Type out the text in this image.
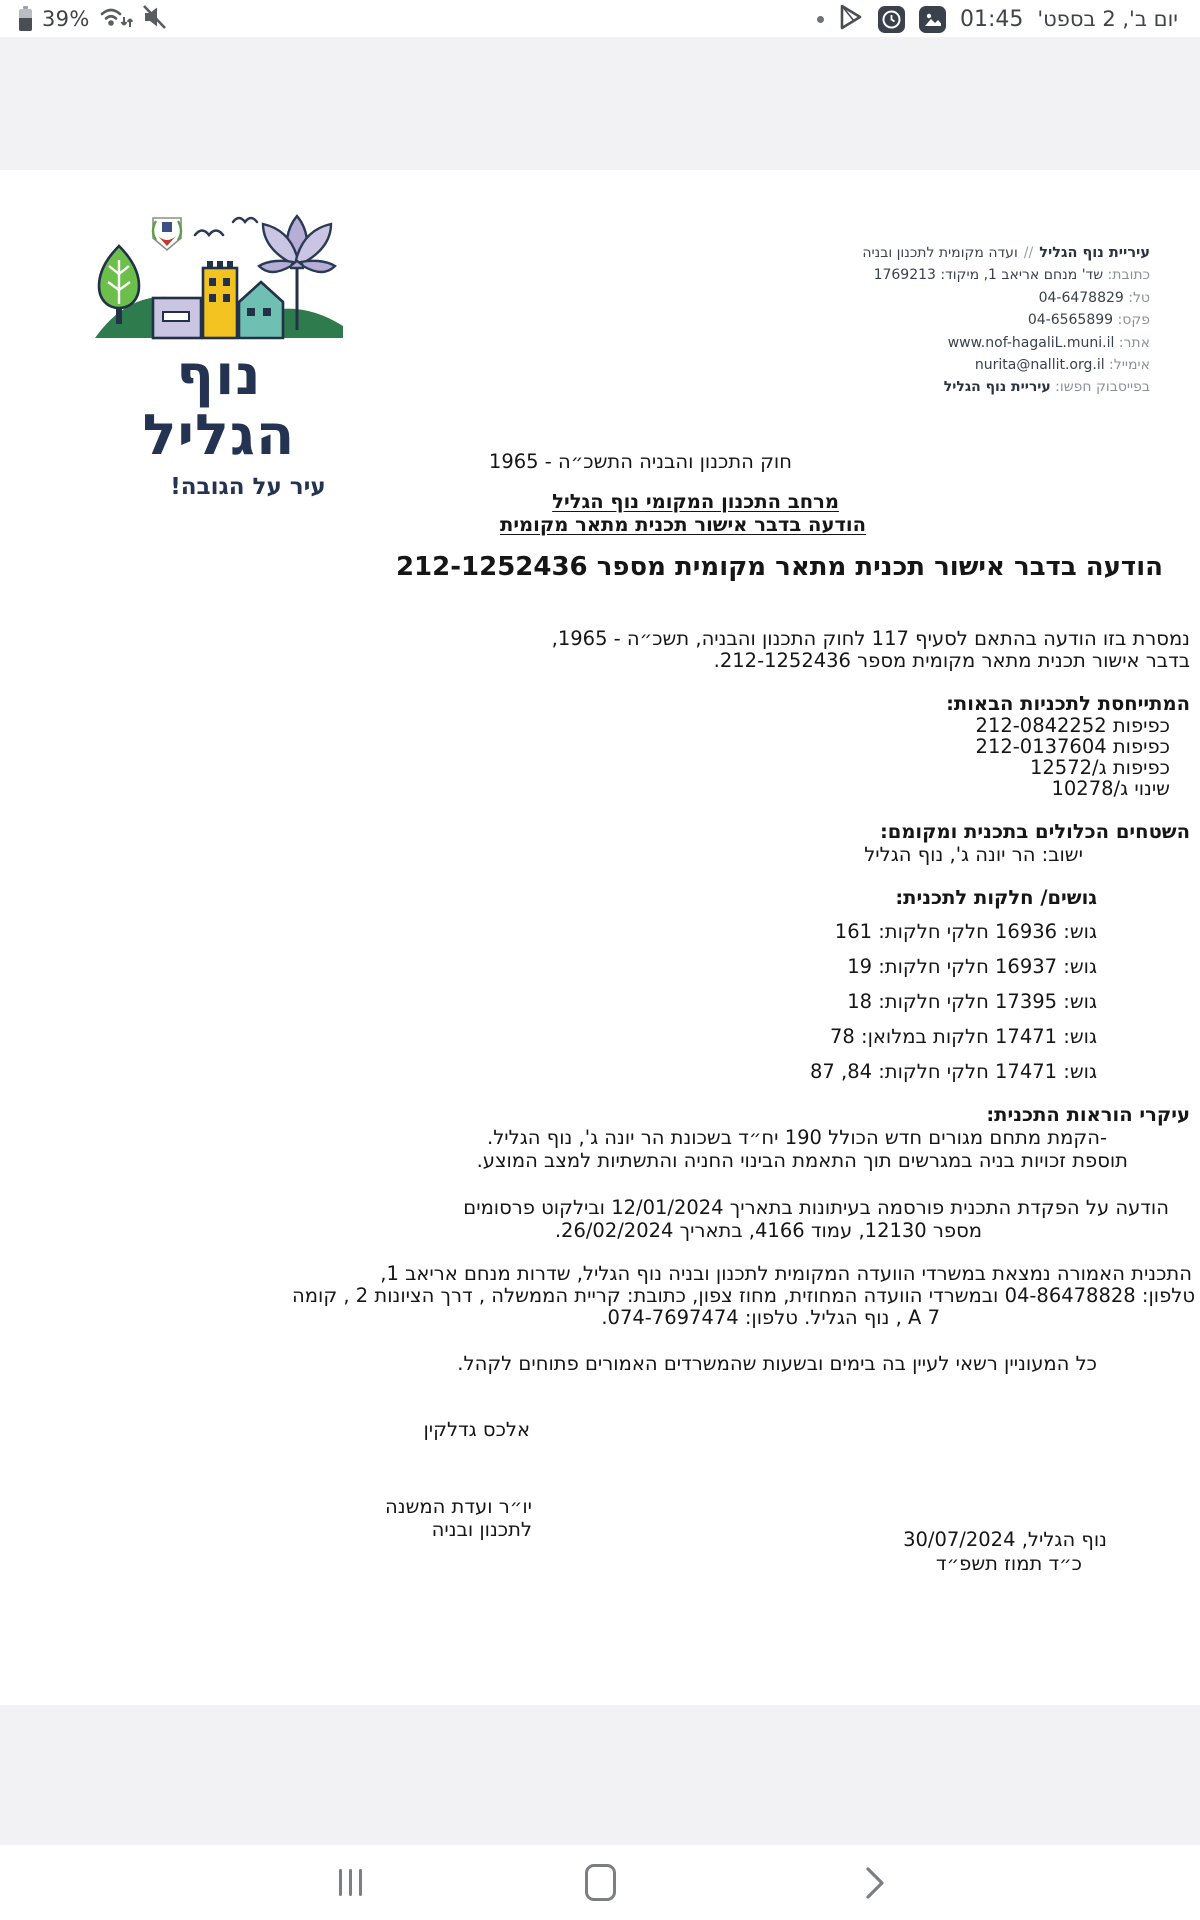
39%	01:45 יום ב', 2 בספט'
נוף הגליל
עיר על הגובה!
עיריית נוף הגליל//ועדה מקומית לתכנון ובניה
כתובת: שד' מנחם אריאב 1, מיקוד: 1769213
טל: 04-6478829
פקס: 04-6565899
אתר: www.nof-hagaliL.muni.il
אימייל: nurita@nallit.org.il
בפייסבוק חפשו: עיריית נוף הגליל
חוק התכנון והבניה התשכ״ה - 1965
מרחב התכנון המקומי נוף הגליל
הודעה בדבר אישור תכנית מתאר מקומית
הודעה בדבר אישור תכנית מתאר מקומית מספר 212-1252436
נמסרת בזו הודעה בהתאם לסעיף 117 לחוק התכנון והבניה, תשכ״ה - 1965,
בדבר אישור תכנית מתאר מקומית מספר 212-1252436.
המתייחסת לתכניות הבאות:
כפיפות 212-0842252
כפיפות 212-0137604
כפיפות ג/12572
שינוי ג/10278
השטחים הכלולים בתכנית ומקומם:
ישוב: הר יונה ג', נוף הגליל
גושים/ חלקות לתכנית:
גוש: 16936 חלקי חלקות: 161
גוש: 16937 חלקי חלקות: 19
גוש: 17395 חלקי חלקות: 18
גוש: 17471 חלקות במלואן: 78
גוש: 17471 חלקי חלקות: 84, 87
עיקרי הוראות התכנית:
-הקמת מתחם מגורים חדש הכולל 190 יח״ד בשכונת הר יונה ג', נוף הגליל.
תוספת זכויות בניה במגרשים תוך התאמת הבינוי החניה והתשתיות למצב המוצע.
הודעה על הפקדת התכנית פורסמה בעיתונות בתאריך 12/01/2024 ובילקוט פרסומים
מספר 12130, עמוד 4166, בתאריך 26/02/2024.
התכנית האמורה נמצאת במשרדי הוועדה המקומית לתכנון ובניה נוף הגליל, שדרות מנחם אריאב 1,
טלפון: 04-86478828 ובמשרדי הוועדה המחוזית, מחוז צפון, כתובת: קריית הממשלה , דרך הציונות 2 , קומה
7 A , נוף הגליל. טלפון: 074-7697474.
כל המעוניין רשאי לעיין בה בימים ובשעות שהמשרדים האמורים פתוחים לקהל.
אלכס גדלקין
יו״ר ועדת המשנה
לתכנון ובניה	נוף הגליל, 30/07/2024
כ״ד תמוז תשפ״ד
